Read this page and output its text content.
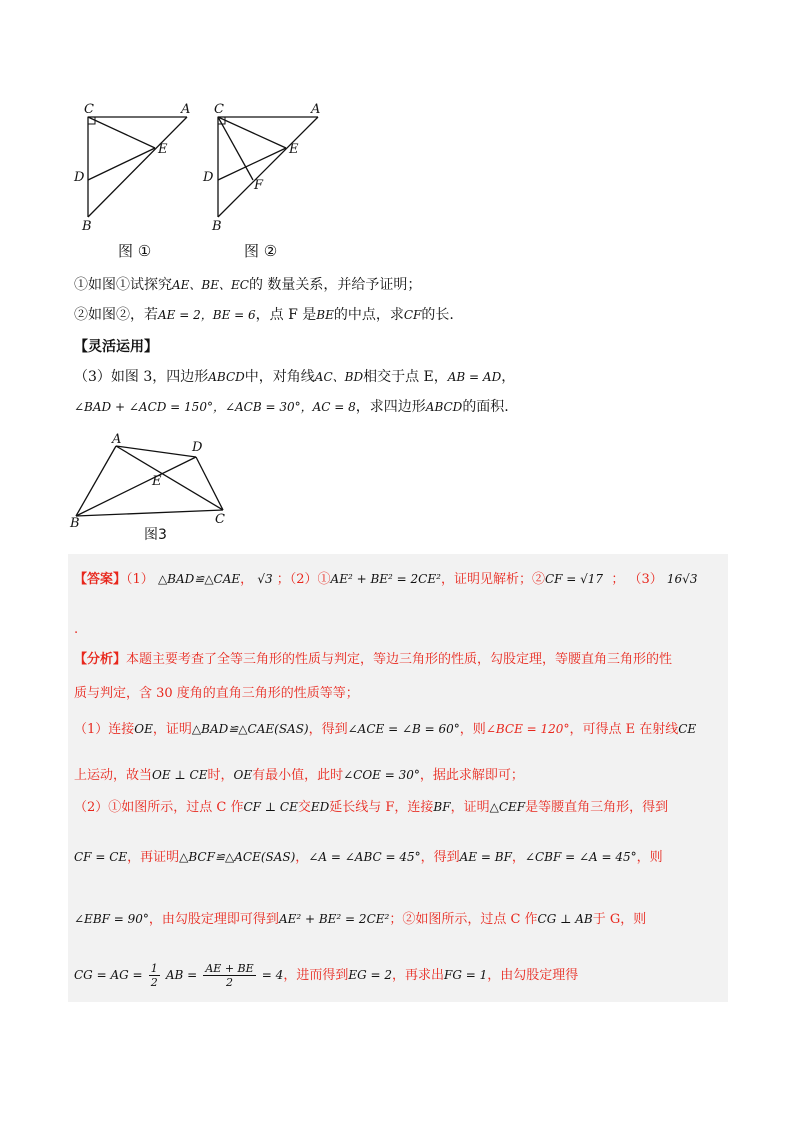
C	A
E
D
B
图 ①
C	A
E
D
F
B
图 ②
①如图①试探究AE、BE、EC的 数量关系，并给予证明；
②如图②，若AE = 2，BE = 6，点 F 是BE的中点，求CF的长.
【灵活运用】
（3）如图 3，四边形ABCD中，对角线AC、BD相交于点 E，AB = AD，
∠BAD + ∠ACD = 150°，∠ACB = 30°，AC = 8，求四边形ABCD的面积.
A
D
E
B	C
图3
【答案】（1） △BAD≌△CAE， √3 ；（2）①AE² + BE² = 2CE²，证明见解析；②CF = √17 ； （3） 16√3
.
【分析】本题主要考查了全等三角形的性质与判定，等边三角形的性质，勾股定理，等腰直角三角形的性
质与判定，含 30 度角的直角三角形的性质等等；
（1）连接OE，证明△BAD≌△CAE(SAS)，得到∠ACE = ∠B = 60°，则∠BCE = 120°，可得点 E 在射线CE
上运动，故当OE ⊥ CE时，OE有最小值，此时∠COE = 30°，据此求解即可；
（2）①如图所示，过点 C 作CF ⊥ CE交ED延长线与 F，连接BF，证明△CEF是等腰直角三角形，得到
CF = CE，再证明△BCF≌△ACE(SAS)，∠A = ∠ABC = 45°，得到AE = BF，∠CBF = ∠A = 45°，则
∠EBF = 90°，由勾股定理即可得到AE² + BE² = 2CE²；②如图所示，过点 C 作CG ⊥ AB于 G，则
CG = AG = $\frac{1}{2}$ AB = $\frac{AE + BE}{2} = 4$，进而得到EG = 2，再求出FG = 1，由勾股定理得
